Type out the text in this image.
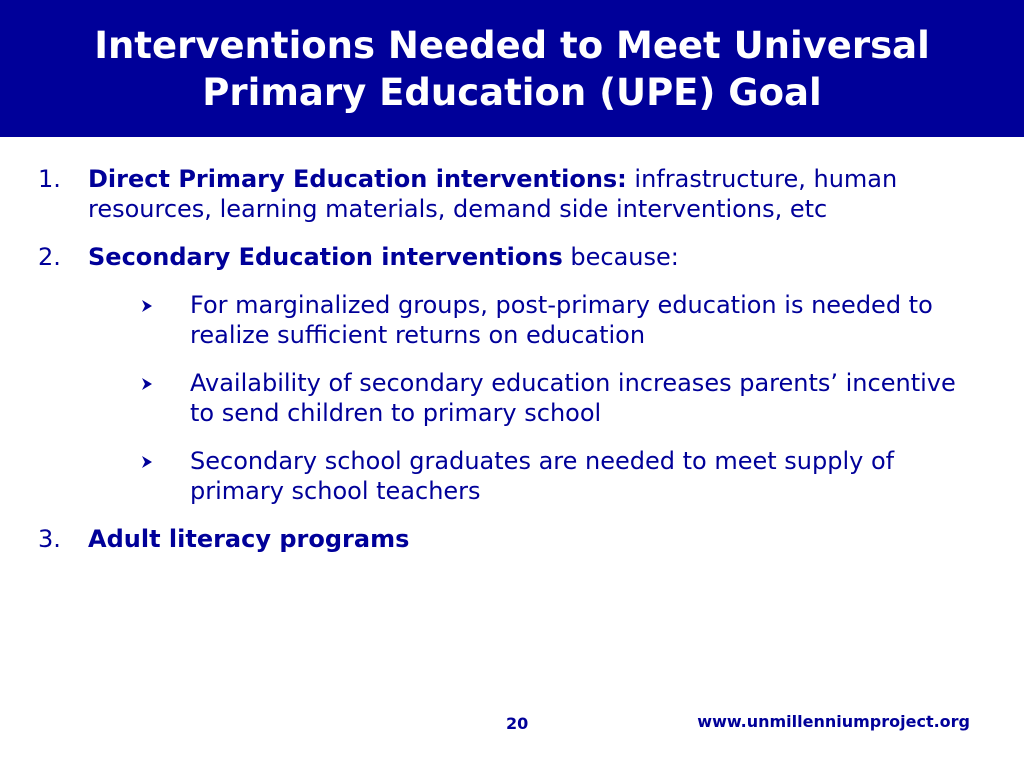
Interventions Needed to Meet Universal
Primary Education (UPE) Goal
1. Direct Primary Education interventions: infrastructure, human resources, learning materials, demand side interventions, etc
2. Secondary Education interventions because:
For marginalized groups, post-primary education is needed to realize sufficient returns on education
Availability of secondary education increases parents’ incentive to send children to primary school
Secondary school graduates are needed to meet supply of primary school teachers
3. Adult literacy programs
20	www.unmillenniumproject.org
